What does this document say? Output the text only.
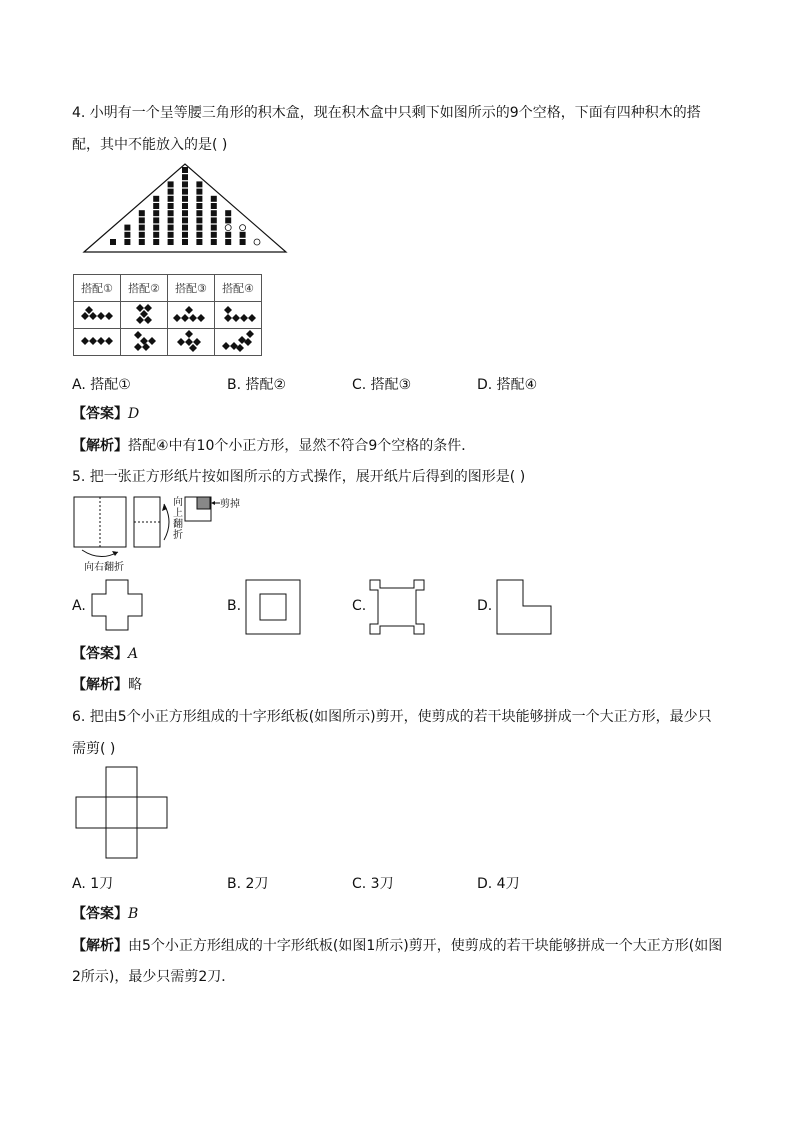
4. 小明有一个呈等腰三角形的积木盒，现在积木盒中只剩下如图所示的9个空格，下面有四种积木的搭
配，其中不能放入的是( )
搭配①	搭配②	搭配③	搭配④

A. 搭配①	B. 搭配②	C. 搭配③	D. 搭配④
【答案】D
【解析】搭配④中有10个小正方形，显然不符合9个空格的条件．
5. 把一张正方形纸片按如图所示的方式操作，展开纸片后得到的图形是( )
向上翻折
剪掉
向右翻折
A.	B.	C.	D.
【答案】A
【解析】略
6. 把由5个小正方形组成的十字形纸板(如图所示)剪开，使剪成的若干块能够拼成一个大正方形，最少只
需剪( )
A. 1刀	B. 2刀	C. 3刀	D. 4刀
【答案】B
【解析】由5个小正方形组成的十字形纸板(如图1所示)剪开，使剪成的若干块能够拼成一个大正方形(如图
2所示)，最少只需剪2刀．
